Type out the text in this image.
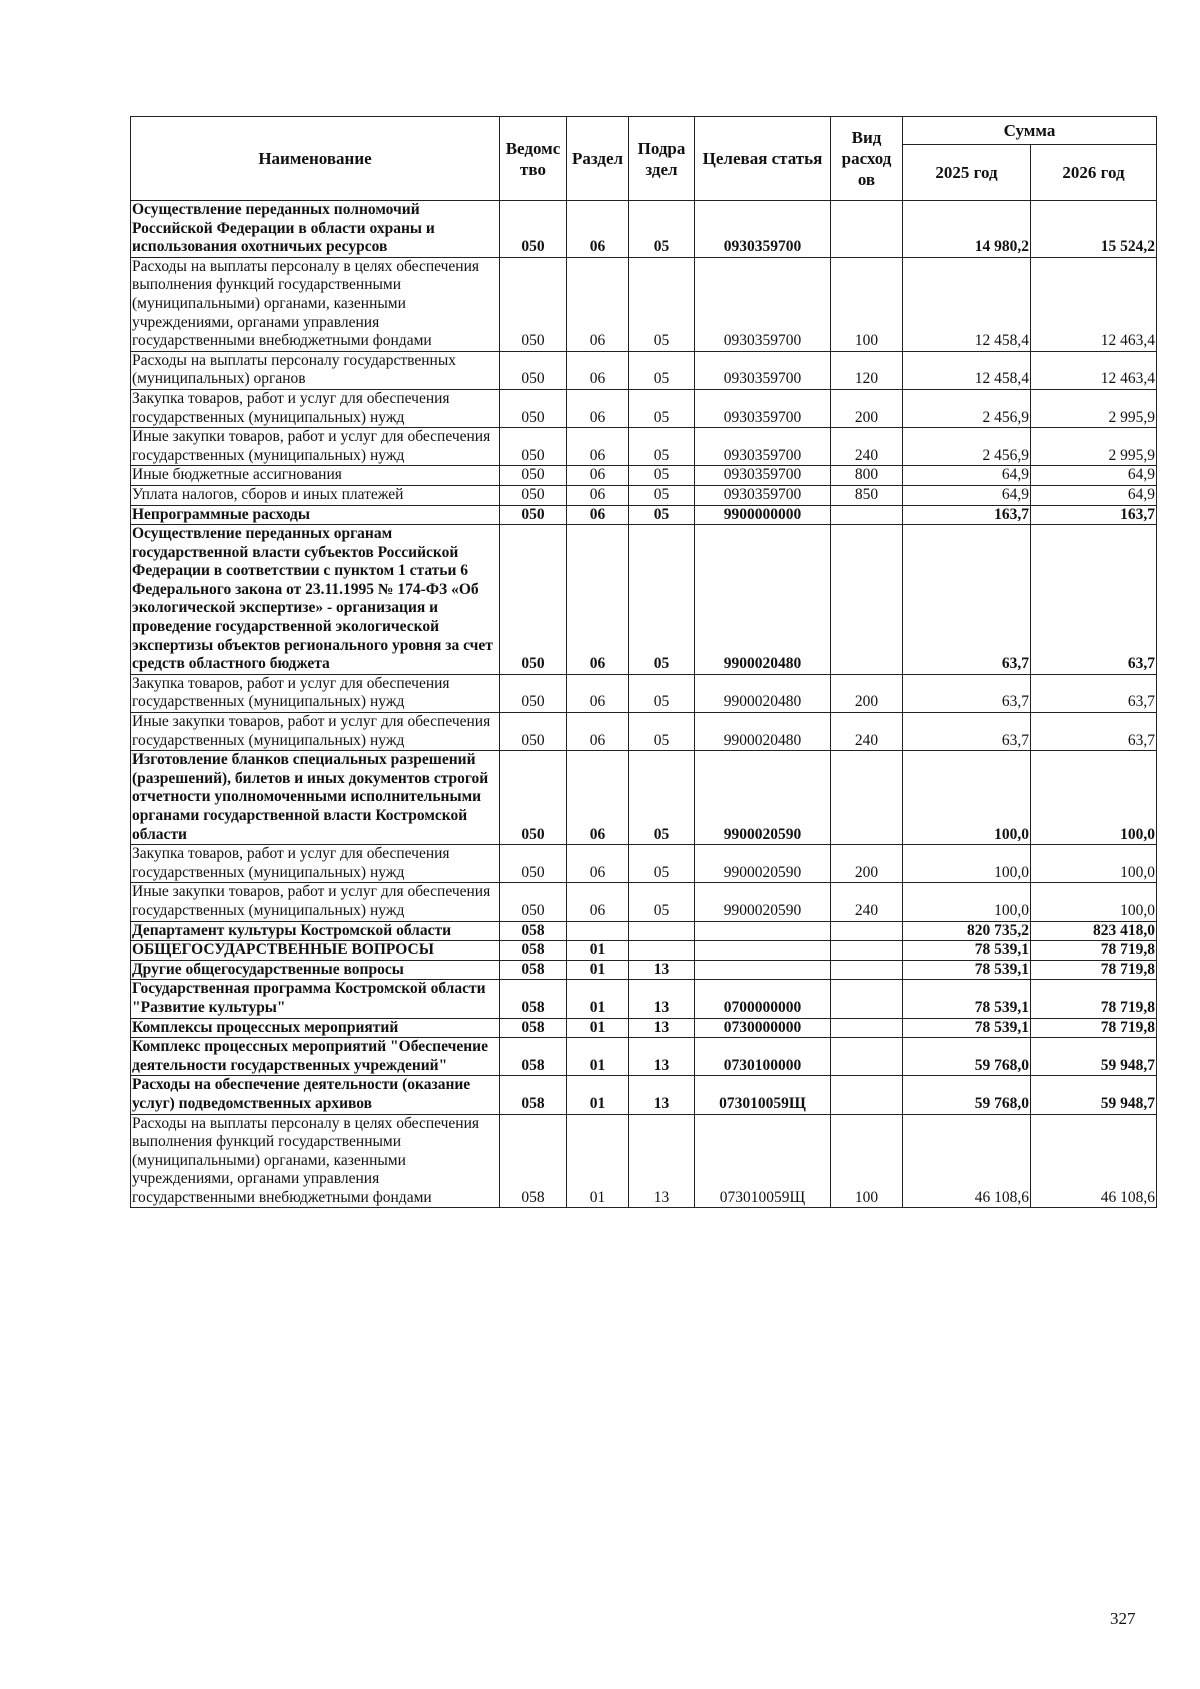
Наименование	Ведомс тво	Раздел	Подра здел	Целевая статья	Вид расход ов	Сумма	
						2025 год	2026 год
Осуществление переданных полномочий Российской Федерации в области охраны и использования охотничьих ресурсов	050	06	05	0930359700		14 980,2	15 524,2
Расходы на выплаты персоналу в целях обеспечения выполнения функций государственными (муниципальными) органами, казенными учреждениями, органами управления государственными внебюджетными фондами	050	06	05	0930359700	100	12 458,4	12 463,4
Расходы на выплаты персоналу государственных (муниципальных) органов	050	06	05	0930359700	120	12 458,4	12 463,4
Закупка товаров, работ и услуг для обеспечения государственных (муниципальных) нужд	050	06	05	0930359700	200	2 456,9	2 995,9
Иные закупки товаров, работ и услуг для обеспечения государственных (муниципальных) нужд	050	06	05	0930359700	240	2 456,9	2 995,9
Иные бюджетные ассигнования	050	06	05	0930359700	800	64,9	64,9
Уплата налогов, сборов и иных платежей	050	06	05	0930359700	850	64,9	64,9
Непрограммные расходы	050	06	05	9900000000		163,7	163,7
Осуществление переданных органам государственной власти субъектов Российской Федерации в соответствии с пунктом 1 статьи 6 Федерального закона от 23.11.1995 № 174-ФЗ «Об экологической экспертизе» - организация и проведение государственной экологической экспертизы объектов регионального уровня за счет средств областного бюджета	050	06	05	9900020480		63,7	63,7
Закупка товаров, работ и услуг для обеспечения государственных (муниципальных) нужд	050	06	05	9900020480	200	63,7	63,7
Иные закупки товаров, работ и услуг для обеспечения государственных (муниципальных) нужд	050	06	05	9900020480	240	63,7	63,7
Изготовление бланков специальных разрешений (разрешений), билетов и иных документов строгой отчетности уполномоченными исполнительными органами государственной власти Костромской области	050	06	05	9900020590		100,0	100,0
Закупка товаров, работ и услуг для обеспечения государственных (муниципальных) нужд	050	06	05	9900020590	200	100,0	100,0
Иные закупки товаров, работ и услуг для обеспечения государственных (муниципальных) нужд	050	06	05	9900020590	240	100,0	100,0
Департамент культуры Костромской области	058					820 735,2	823 418,0
ОБЩЕГОСУДАРСТВЕННЫЕ ВОПРОСЫ	058	01				78 539,1	78 719,8
Другие общегосударственные вопросы	058	01	13			78 539,1	78 719,8
Государственная программа Костромской области "Развитие культуры"	058	01	13	0700000000		78 539,1	78 719,8
Комплексы процессных мероприятий	058	01	13	0730000000		78 539,1	78 719,8
Комплекс процессных мероприятий "Обеспечение деятельности государственных учреждений"	058	01	13	0730100000		59 768,0	59 948,7
Расходы на обеспечение деятельности (оказание услуг) подведомственных архивов	058	01	13	073010059Щ		59 768,0	59 948,7
Расходы на выплаты персоналу в целях обеспечения выполнения функций государственными (муниципальными) органами, казенными учреждениями, органами управления государственными внебюджетными фондами	058	01	13	073010059Щ	100	46 108,6	46 108,6
327
